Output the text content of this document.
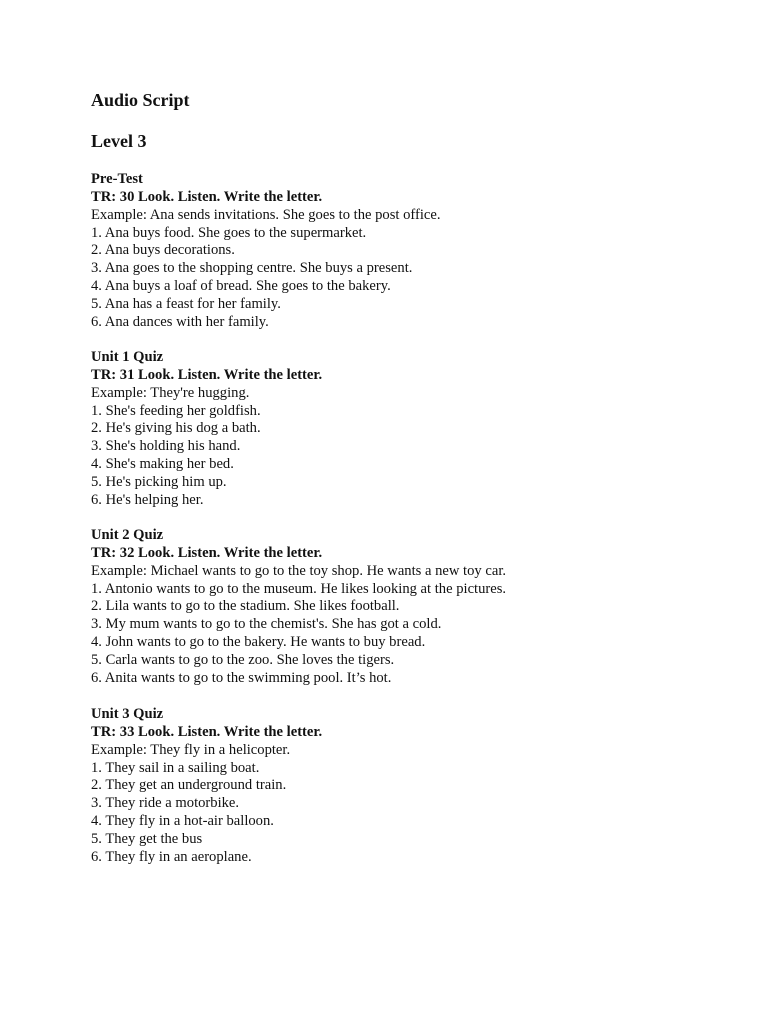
Audio Script
Level 3
Pre-Test
TR: 30 Look. Listen. Write the letter.
Example: Ana sends invitations. She goes to the post office.
1. Ana buys food. She goes to the supermarket.
2. Ana buys decorations.
3. Ana goes to the shopping centre. She buys a present.
4. Ana buys a loaf of bread. She goes to the bakery.
5. Ana has a feast for her family.
6. Ana dances with her family.
Unit 1 Quiz
TR: 31 Look. Listen. Write the letter.
Example: They're hugging.
1. She's feeding her goldfish.
2. He's giving his dog a bath.
3. She's holding his hand.
4. She's making her bed.
5. He's picking him up.
6. He's helping her.
Unit 2 Quiz
TR: 32 Look. Listen. Write the letter.
Example: Michael wants to go to the toy shop. He wants a new toy car.
1. Antonio wants to go to the museum. He likes looking at the pictures.
2. Lila wants to go to the stadium. She likes football.
3. My mum wants to go to the chemist's. She has got a cold.
4. John wants to go to the bakery. He wants to buy bread.
5. Carla wants to go to the zoo. She loves the tigers.
6. Anita wants to go to the swimming pool. It’s hot.
Unit 3 Quiz
TR: 33 Look. Listen. Write the letter.
Example: They fly in a helicopter.
1. They sail in a sailing boat.
2. They get an underground train.
3. They ride a motorbike.
4. They fly in a hot-air balloon.
5. They get the bus
6. They fly in an aeroplane.
